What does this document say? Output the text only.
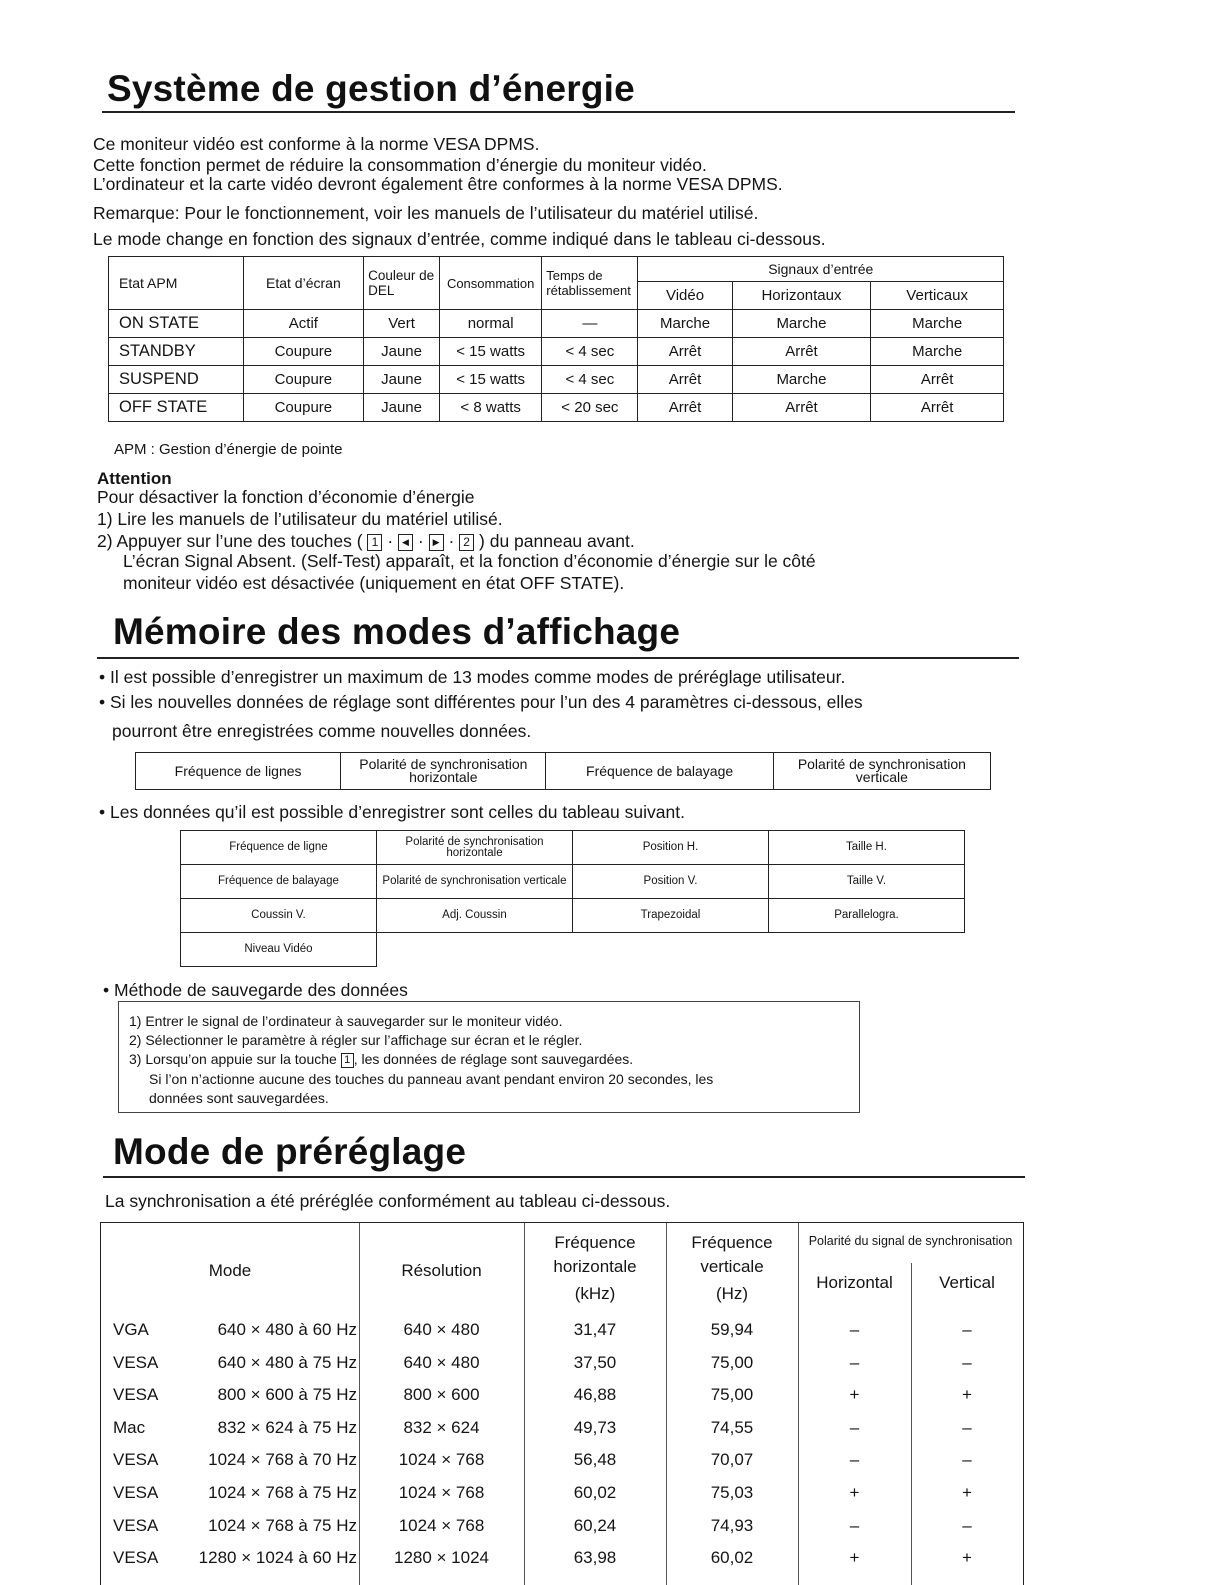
Système de gestion d’énergie
Ce moniteur vidéo est conforme à la norme VESA DPMS.
Cette fonction permet de réduire la consommation d’énergie du moniteur vidéo.
L’ordinateur et la carte vidéo devront également être conformes à la norme VESA DPMS.
Remarque: Pour le fonctionnement, voir les manuels de l’utilisateur du matériel utilisé.
Le mode change en fonction des signaux d’entrée, comme indiqué dans le tableau ci-dessous.
Etat APM	Etat d’écran	Couleur de DEL	Consommation	Temps de rétablissement	Signaux d’entrée		
					Vidéo	Horizontaux	Verticaux
ON STATE	Actif	Vert	normal	—	Marche	Marche	Marche
STANDBY	Coupure	Jaune	< 15 watts	< 4 sec	Arrêt	Arrêt	Marche
SUSPEND	Coupure	Jaune	< 15 watts	< 4 sec	Arrêt	Marche	Arrêt
OFF STATE	Coupure	Jaune	< 8 watts	< 20 sec	Arrêt	Arrêt	Arrêt
APM : Gestion d’énergie de pointe
Attention
Pour désactiver la fonction d’économie d’énergie
1) Lire les manuels de l’utilisateur du matériel utilisé.
2) Appuyer sur l’une des touches ( 1 · ◀ · ▶ · 2 ) du panneau avant.
L’écran Signal Absent. (Self-Test) apparaît, et la fonction d’économie d’énergie sur le côté
moniteur vidéo est désactivée (uniquement en état OFF STATE).
Mémoire des modes d’affichage
• Il est possible d’enregistrer un maximum de 13 modes comme modes de préréglage utilisateur.
• Si les nouvelles données de réglage sont différentes pour l’un des 4 paramètres ci-dessous, elles
pourront être enregistrées comme nouvelles données.
Fréquence de lignes	Polarité de synchronisation horizontale	Fréquence de balayage	Polarité de synchronisation verticale
• Les données qu’il est possible d’enregistrer sont celles du tableau suivant.
Fréquence de ligne	Polarité de synchronisation horizontale	Position H.	Taille H.
Fréquence de balayage	Polarité de synchronisation verticale	Position V.	Taille V.
Coussin V.	Adj. Coussin	Trapezoidal	Parallelogra.
Niveau Vidéo			
• Méthode de sauvegarde des données
1) Entrer le signal de l’ordinateur à sauvegarder sur le moniteur vidéo.
2) Sélectionner le paramètre à régler sur l’affichage sur écran et le régler.
3) Lorsqu’on appuie sur la touche 1 , les données de réglage sont sauvegardées.
Si l’on n’actionne aucune des touches du panneau avant pendant environ 20 secondes, les
données sont sauvegardées.
Mode de préréglage
La synchronisation a été préréglée conformément au tableau ci-dessous.
Mode	Résolution
Fréquence
horizontale
(kHz)
Fréquence
verticale
(Hz)
Polarité du signal de synchronisation
Horizontal	Vertical
VGA	640 × 480 à 60 Hz	640 × 480	31,47	59,94	–	–
VESA	640 × 480 à 75 Hz	640 × 480	37,50	75,00	–	–
VESA	800 × 600 à 75 Hz	800 × 600	46,88	75,00	+	+
Mac	832 × 624 à 75 Hz	832 × 624	49,73	74,55	–	–
VESA	1024 × 768 à 70 Hz	1024 × 768	56,48	70,07	–	–
VESA	1024 × 768 à 75 Hz	1024 × 768	60,02	75,03	+	+
VESA	1024 × 768 à 75 Hz	1024 × 768	60,24	74,93	–	–
VESA	1280 × 1024 à 60 Hz	1280 × 1024	63,98	60,02	+	+
